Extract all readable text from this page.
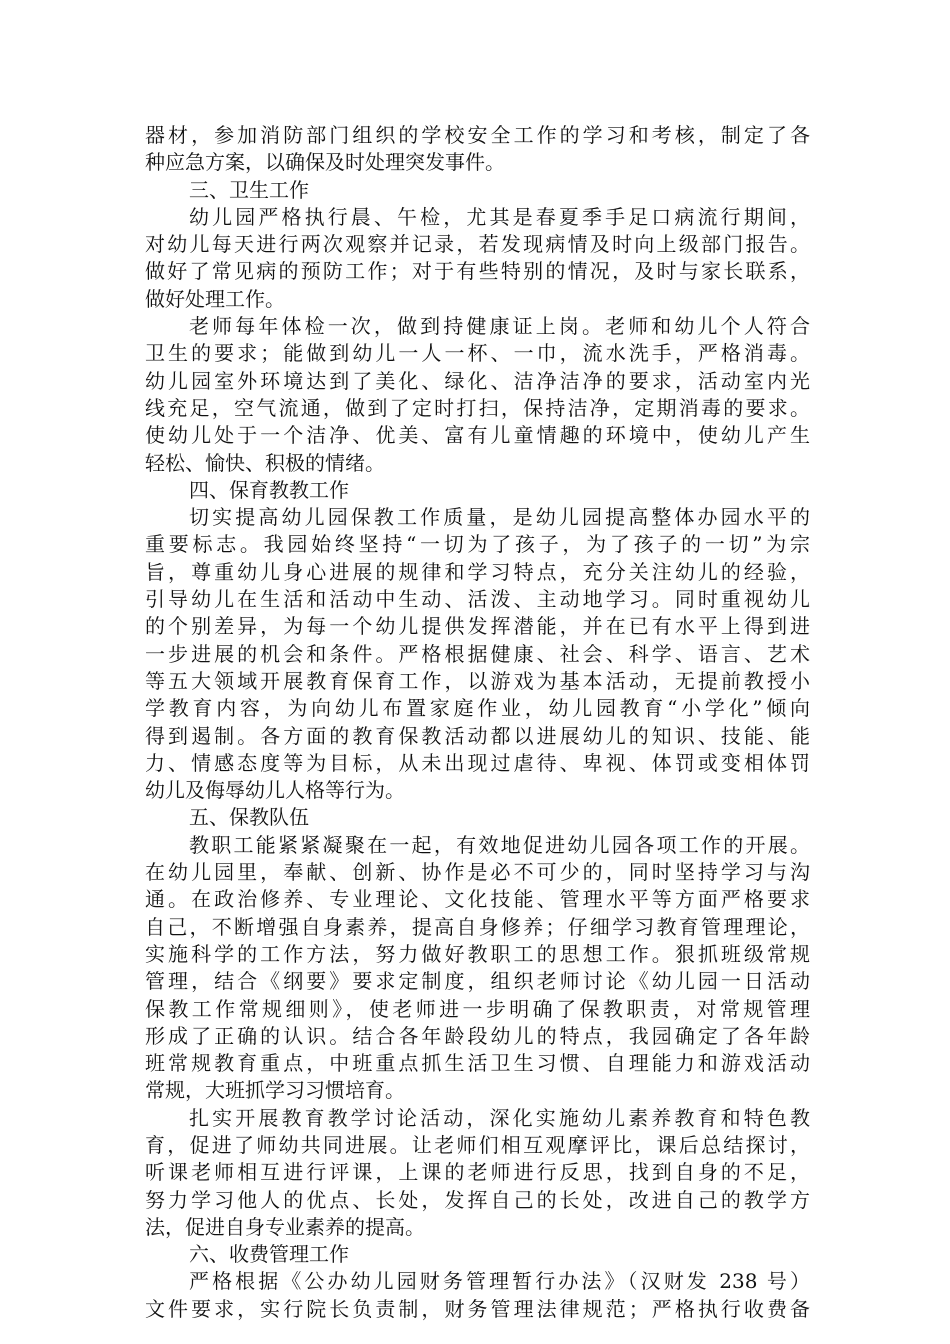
器材，参加消防部门组织的学校安全工作的学习和考核，制定了各
种应急方案，以确保及时处理突发事件。
三、卫生工作
幼儿园严格执行晨、午检，尤其是春夏季手足口病流行期间，
对幼儿每天进行两次观察并记录，若发现病情及时向上级部门报告。
做好了常见病的预防工作；对于有些特别的情况，及时与家长联系，
做好处理工作。
老师每年体检一次，做到持健康证上岗。老师和幼儿个人符合
卫生的要求；能做到幼儿一人一杯、一巾，流水洗手，严格消毒。
幼儿园室外环境达到了美化、绿化、洁净洁净的要求，活动室内光
线充足，空气流通，做到了定时打扫，保持洁净，定期消毒的要求。
使幼儿处于一个洁净、优美、富有儿童情趣的环境中，使幼儿产生
轻松、愉快、积极的情绪。
四、保育教教工作
切实提高幼儿园保教工作质量，是幼儿园提高整体办园水平的
重要标志。我园始终坚持“一切为了孩子，为了孩子的一切”为宗
旨，尊重幼儿身心进展的规律和学习特点，充分关注幼儿的经验，
引导幼儿在生活和活动中生动、活泼、主动地学习。同时重视幼儿
的个别差异，为每一个幼儿提供发挥潜能，并在已有水平上得到进
一步进展的机会和条件。严格根据健康、社会、科学、语言、艺术
等五大领域开展教育保育工作，以游戏为基本活动，无提前教授小
学教育内容，为向幼儿布置家庭作业，幼儿园教育“小学化”倾向
得到遏制。各方面的教育保教活动都以进展幼儿的知识、技能、能
力、情感态度等为目标，从未出现过虐待、卑视、体罚或变相体罚
幼儿及侮辱幼儿人格等行为。
五、保教队伍
教职工能紧紧凝聚在一起，有效地促进幼儿园各项工作的开展。
在幼儿园里，奉献、创新、协作是必不可少的，同时坚持学习与沟
通。在政治修养、专业理论、文化技能、管理水平等方面严格要求
自己，不断增强自身素养，提高自身修养；仔细学习教育管理理论，
实施科学的工作方法，努力做好教职工的思想工作。狠抓班级常规
管理，结合《纲要》要求定制度，组织老师讨论《幼儿园一日活动
保教工作常规细则》，使老师进一步明确了保教职责，对常规管理
形成了正确的认识。结合各年龄段幼儿的特点，我园确定了各年龄
班常规教育重点，中班重点抓生活卫生习惯、自理能力和游戏活动
常规，大班抓学习习惯培育。
扎实开展教育教学讨论活动，深化实施幼儿素养教育和特色教
育，促进了师幼共同进展。让老师们相互观摩评比，课后总结探讨，
听课老师相互进行评课，上课的老师进行反思，找到自身的不足，
努力学习他人的优点、长处，发挥自己的长处，改进自己的教学方
法，促进自身专业素养的提高。
六、收费管理工作
严格根据《公办幼儿园财务管理暂行办法》（汉财发 238 号）
文件要求，实行院长负责制，财务管理法律规范；严格执行收费备
